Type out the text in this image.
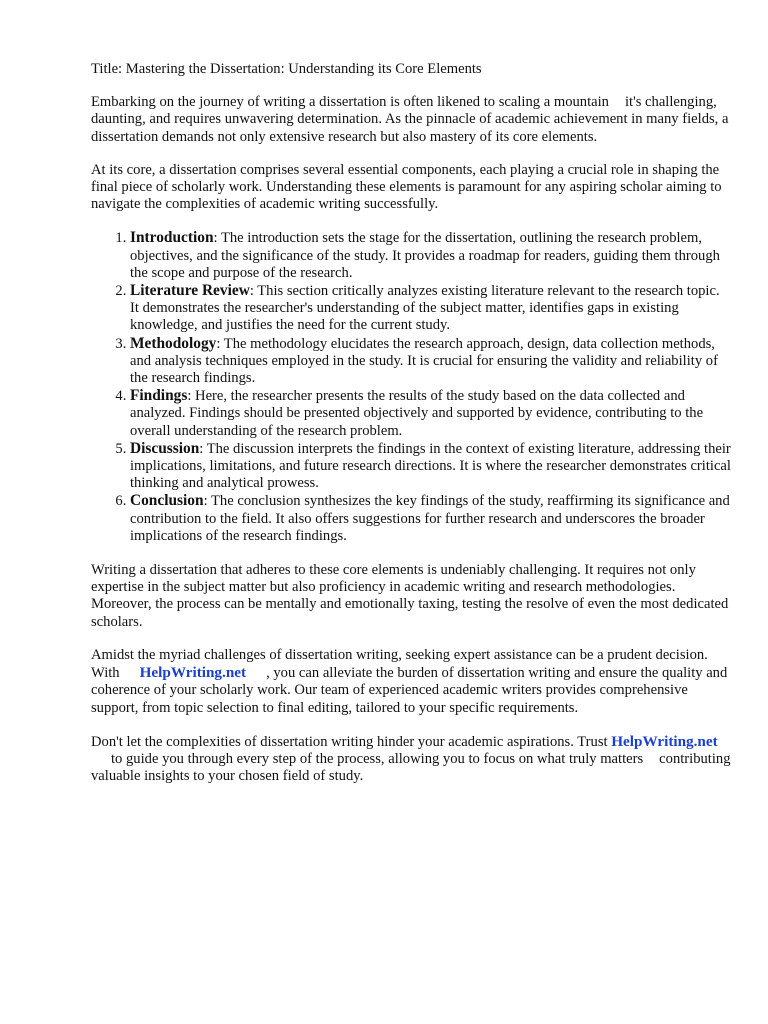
Title: Mastering the Dissertation: Understanding its Core Elements

Embarking on the journey of writing a dissertation is often likened to scaling a mountain it's challenging, daunting, and requires unwavering determination. As the pinnacle of academic achievement in many fields, a dissertation demands not only extensive research but also mastery of its core elements.

At its core, a dissertation comprises several essential components, each playing a crucial role in shaping the final piece of scholarly work. Understanding these elements is paramount for any aspiring scholar aiming to navigate the complexities of academic writing successfully.

1. Introduction: The introduction sets the stage for the dissertation, outlining the research problem, objectives, and the significance of the study. It provides a roadmap for readers, guiding them through the scope and purpose of the research.
2. Literature Review: This section critically analyzes existing literature relevant to the research topic. It demonstrates the researcher's understanding of the subject matter, identifies gaps in existing knowledge, and justifies the need for the current study.
3. Methodology: The methodology elucidates the research approach, design, data collection methods, and analysis techniques employed in the study. It is crucial for ensuring the validity and reliability of the research findings.
4. Findings: Here, the researcher presents the results of the study based on the data collected and analyzed. Findings should be presented objectively and supported by evidence, contributing to the overall understanding of the research problem.
5. Discussion: The discussion interprets the findings in the context of existing literature, addressing their implications, limitations, and future research directions. It is where the researcher demonstrates critical thinking and analytical prowess.
6. Conclusion: The conclusion synthesizes the key findings of the study, reaffirming its significance and contribution to the field. It also offers suggestions for further research and underscores the broader implications of the research findings.

Writing a dissertation that adheres to these core elements is undeniably challenging. It requires not only expertise in the subject matter but also proficiency in academic writing and research methodologies. Moreover, the process can be mentally and emotionally taxing, testing the resolve of even the most dedicated scholars.

Amidst the myriad challenges of dissertation writing, seeking expert assistance can be a prudent decision. With HelpWriting.net , you can alleviate the burden of dissertation writing and ensure the quality and coherence of your scholarly work. Our team of experienced academic writers provides comprehensive support, from topic selection to final editing, tailored to your specific requirements.

Don't let the complexities of dissertation writing hinder your academic aspirations. Trust HelpWriting.netto guide you through every step of the process, allowing you to focus on what truly matters contributing valuable insights to your chosen field of study.
